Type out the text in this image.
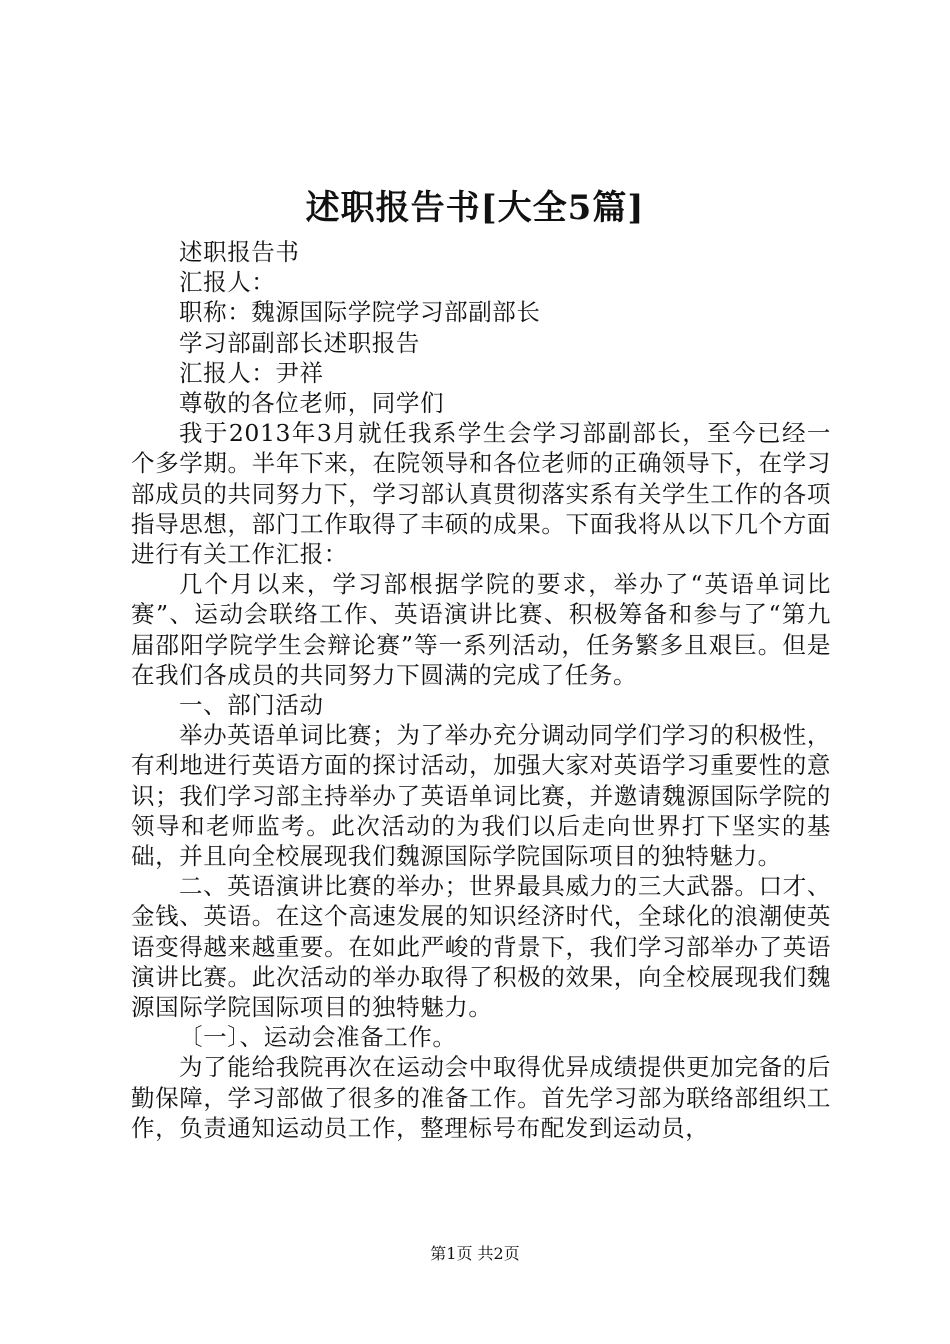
述职报告书[大全5篇]

述职报告书

汇报人：

职称：魏源国际学院学习部副部长

学习部副部长述职报告

汇报人：尹祥

尊敬的各位老师，同学们

我于2013年3月就任我系学生会学习部副部长，至今已经一个多学期。半年下来，在院领导和各位老师的正确领导下，在学习部成员的共同努力下，学习部认真贯彻落实系有关学生工作的各项指导思想，部门工作取得了丰硕的成果。下面我将从以下几个方面进行有关工作汇报：

几个月以来，学习部根据学院的要求，举办了“英语单词比赛”、运动会联络工作、英语演讲比赛、积极筹备和参与了“第九届邵阳学院学生会辩论赛”等一系列活动，任务繁多且艰巨。但是在我们各成员的共同努力下圆满的完成了任务。

一、部门活动

举办英语单词比赛；为了举办充分调动同学们学习的积极性，有利地进行英语方面的探讨活动，加强大家对英语学习重要性的意识；我们学习部主持举办了英语单词比赛，并邀请魏源国际学院的领导和老师监考。此次活动的为我们以后走向世界打下坚实的基础，并且向全校展现我们魏源国际学院国际项目的独特魅力。

二、英语演讲比赛的举办；世界最具威力的三大武器。口才、金钱、英语。在这个高速发展的知识经济时代，全球化的浪潮使英语变得越来越重要。在如此严峻的背景下，我们学习部举办了英语演讲比赛。此次活动的举办取得了积极的效果，向全校展现我们魏源国际学院国际项目的独特魅力。

〔一〕、运动会准备工作。

为了能给我院再次在运动会中取得优异成绩提供更加完备的后勤保障，学习部做了很多的准备工作。首先学习部为联络部组织工作，负责通知运动员工作，整理标号布配发到运动员，

第1页 共2页
